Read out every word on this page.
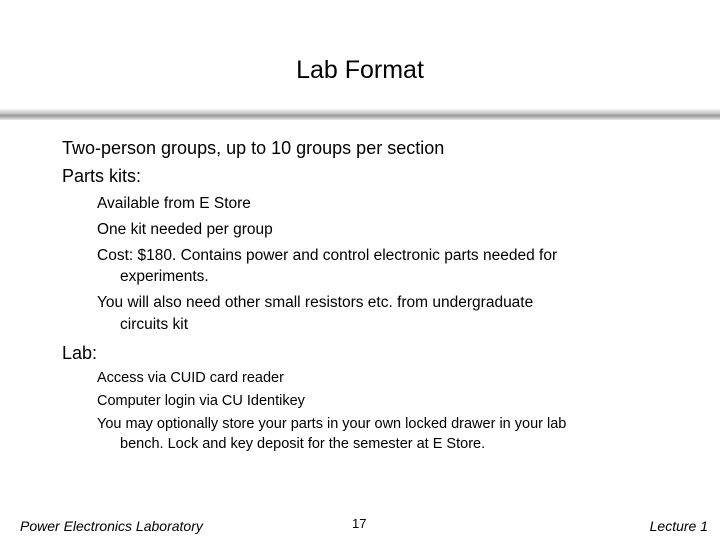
Lab Format
Two-person groups, up to 10 groups per section
Parts kits:
Available from E Store
One kit needed per group
Cost: $180. Contains power and control electronic parts needed for
experiments.
You will also need other small resistors etc. from undergraduate
circuits kit
Lab:
Access via CUID card reader
Computer login via CU Identikey
You may optionally store your parts in your own locked drawer in your lab
bench. Lock and key deposit for the semester at E Store.
Power Electronics Laboratory	17	Lecture 1
